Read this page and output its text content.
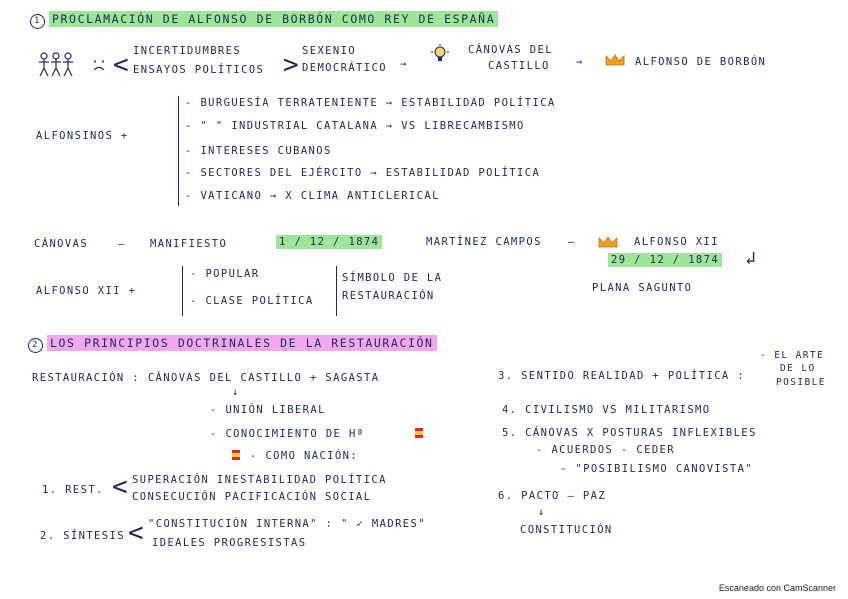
1 PROCLAMACIÓN DE ALFONSO DE BORBÓN COMO REY DE ESPAÑA
< INCERTIDUMBRES
ENSAYOS POLÍTICOS > SEXENIO
DEMOCRÁTICO →
CÁNOVAS DEL
CASTILLO →	ALFONSO DE BORBÓN
ALFONSINOS +
- BURGUESÍA TERRATENIENTE → ESTABILIDAD POLÍTICA
- " " INDUSTRIAL CATALANA → VS LIBRECAMBISMO
- INTERESES CUBANOS
- SECTORES DEL EJÉRCITO → ESTABILIDAD POLÍTICA
- VATICANO → X CLIMA ANTICLERICAL
CÁNOVAS	— MANIFIESTO	1 / 12 / 1874	MARTÍNEZ CAMPOS —	ALFONSO XII
29 / 12 / 1874 ↲
PLANA SAGUNTO
ALFONSO XII +
- POPULAR
- CLASE POLÍTICA
SÍMBOLO DE LA
RESTAURACIÓN
2 LOS PRINCIPIOS DOCTRINALES DE LA RESTAURACIÓN
RESTAURACIÓN : CÁNOVAS DEL CASTILLO + SAGASTA
↓
- UNIÓN LIBERAL
- CONOCIMIENTO DE Hª
- COMO NACIÓN:
1. REST. < SUPERACIÓN INESTABILIDAD POLÍTICA
CONSECUCIÓN PACIFICACIÓN SOCIAL
2. SÍNTESIS < "CONSTITUCIÓN INTERNA" : " ✓ MADRES"
IDEALES PROGRESISTAS
3. SENTIDO REALIDAD + POLÍTICA :
- EL ARTE
DE LO
POSIBLE
4. CIVILISMO VS MILITARISMO
5. CÁNOVAS X POSTURAS INFLEXIBLES
- ACUERDOS - CEDER
- "POSIBILISMO CANOVISTA"
6. PACTO — PAZ
↓
CONSTITUCIÓN
Escaneado con CamScanner
